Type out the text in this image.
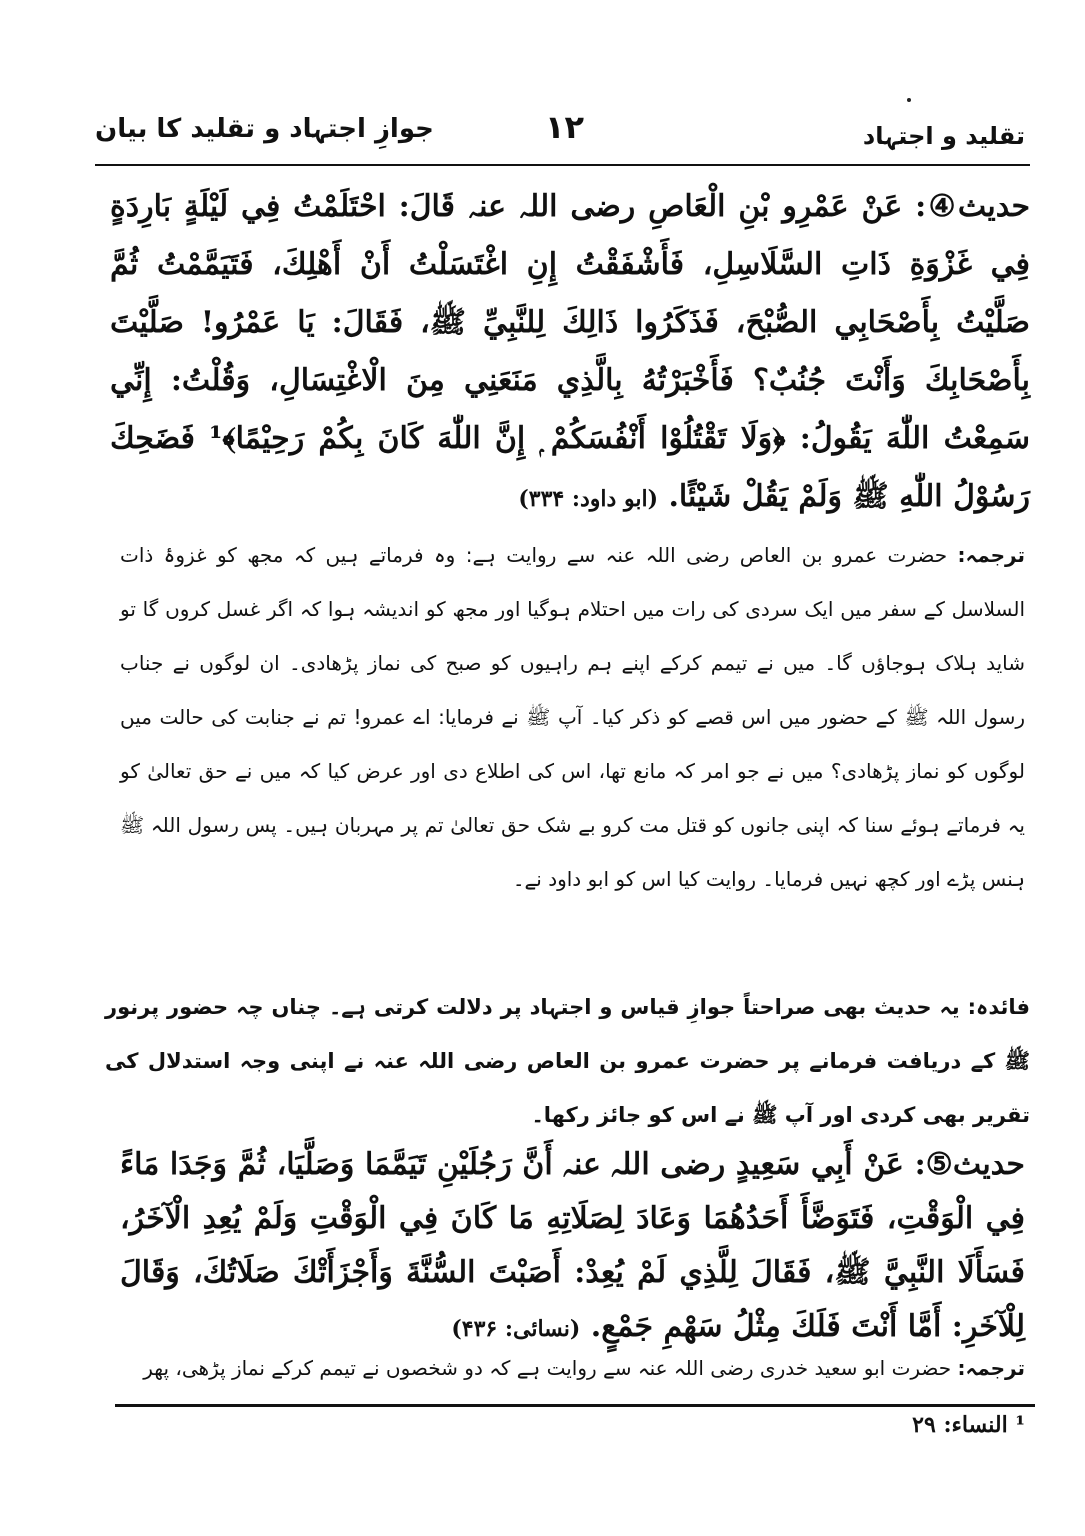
جوازِ اجتہاد و تقلید کا بیان	۱۲	تقلید و اجتہاد

حدیث④: عَنْ عَمْرِو بْنِ الْعَاصِ رضی اللہ عنہ قَالَ: احْتَلَمْتُ فِي لَيْلَةٍ بَارِدَةٍ فِي غَزْوَةِ ذَاتِ السَّلَاسِلِ، فَأَشْفَقْتُ إِنِ اغْتَسَلْتُ أَنْ أَهْلِكَ، فَتَيَمَّمْتُ ثُمَّ صَلَّيْتُ بِأَصْحَابِي الصُّبْحَ، فَذَكَرُوا ذَالِكَ لِلنَّبِيِّ ﷺ، فَقَالَ: يَا عَمْرُو! صَلَّيْتَ بِأَصْحَابِكَ وَأَنْتَ جُنُبٌ؟ فَأَخْبَرْتُهُ بِالَّذِي مَنَعَنِي مِنَ الْاغْتِسَالِ، وَقُلْتُ: إِنِّي سَمِعْتُ اللّٰهَ يَقُولُ: ﴿وَلَا تَقْتُلُوْا أَنْفُسَكُمْ ۭ إِنَّ اللّٰهَ كَانَ بِكُمْ رَحِيْمًا﴾¹ فَضَحِكَ رَسُوْلُ اللّٰهِ ﷺ وَلَمْ يَقُلْ شَيْئًا. (ابو داود: ۳۳۴)

ترجمہ: حضرت عمرو بن العاص رضی اللہ عنہ سے روایت ہے: وہ فرماتے ہیں کہ مجھ کو غزوۂ ذات السلاسل کے سفر میں ایک سردی کی رات میں احتلام ہوگیا اور مجھ کو اندیشہ ہوا کہ اگر غسل کروں گا تو شاید ہلاک ہوجاؤں گا۔ میں نے تیمم کرکے اپنے ہم راہیوں کو صبح کی نماز پڑھادی۔ ان لوگوں نے جناب رسول اللہ ﷺ کے حضور میں اس قصے کو ذکر کیا۔ آپ ﷺ نے فرمایا: اے عمرو! تم نے جنابت کی حالت میں لوگوں کو نماز پڑھادی؟ میں نے جو امر کہ مانع تھا، اس کی اطلاع دی اور عرض کیا کہ میں نے حق تعالیٰ کو یہ فرماتے ہوئے سنا کہ اپنی جانوں کو قتل مت کرو بے شک حق تعالیٰ تم پر مہربان ہیں۔ پس رسول اللہ ﷺ ہنس پڑے اور کچھ نہیں فرمایا۔ روایت کیا اس کو ابو داود نے۔

فائدہ: یہ حدیث بھی صراحتاً جوازِ قیاس و اجتہاد پر دلالت کرتی ہے۔ چناں چہ حضور پرنور ﷺ کے دریافت فرمانے پر حضرت عمرو بن العاص رضی اللہ عنہ نے اپنی وجہ استدلال کی تقریر بھی کردی اور آپ ﷺ نے اس کو جائز رکھا۔

حدیث⑤: عَنْ أَبِي سَعِيدٍ رضی اللہ عنہ أَنَّ رَجُلَيْنِ تَيَمَّمَا وَصَلَّيَا، ثُمَّ وَجَدَا مَاءً فِي الْوَقْتِ، فَتَوَضَّأَ أَحَدُهُمَا وَعَادَ لِصَلَاتِهِ مَا كَانَ فِي الْوَقْتِ وَلَمْ يُعِدِ الْآخَرُ، فَسَأَلَا النَّبِيَّ ﷺ، فَقَالَ لِلَّذِي لَمْ يُعِدْ: أَصَبْتَ السُّنَّةَ وَأَجْزَأَتْكَ صَلَاتُكَ، وَقَالَ لِلْآخَرِ: أَمَّا أَنْتَ فَلَكَ مِثْلُ سَهْمِ جَمْعٍ. (نسائی: ۴۳۶)

ترجمہ: حضرت ابو سعید خدری رضی اللہ عنہ سے روایت ہے کہ دو شخصوں نے تیمم کرکے نماز پڑھی، پھر

¹ النساء: ۲۹
